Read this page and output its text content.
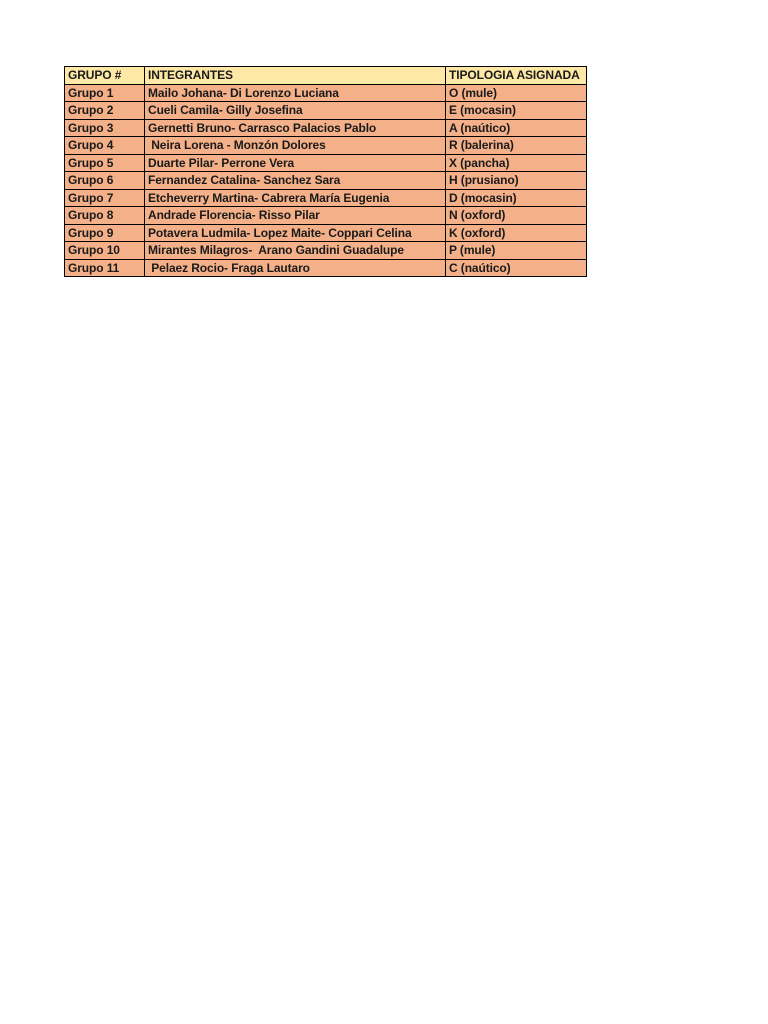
GRUPO #	INTEGRANTES	TIPOLOGIA ASIGNADA
Grupo 1	Mailo Johana- Di Lorenzo Luciana	O (mule)
Grupo 2	Cueli Camila- Gilly Josefina	E (mocasin)
Grupo 3	Gernetti Bruno- Carrasco Palacios Pablo	A (naútico)
Grupo 4	Neira Lorena - Monzón Dolores	R (balerina)
Grupo 5	Duarte Pilar- Perrone Vera	X (pancha)
Grupo 6	Fernandez Catalina- Sanchez Sara	H (prusiano)
Grupo 7	Etcheverry Martina- Cabrera María Eugenia	D (mocasin)
Grupo 8	Andrade Florencia- Risso Pilar	N (oxford)
Grupo 9	Potavera Ludmila- Lopez Maite- Coppari Celina	K (oxford)
Grupo 10	Mirantes Milagros-  Arano Gandini Guadalupe	P (mule)
Grupo 11	Pelaez Rocio- Fraga Lautaro	C (naútico)
